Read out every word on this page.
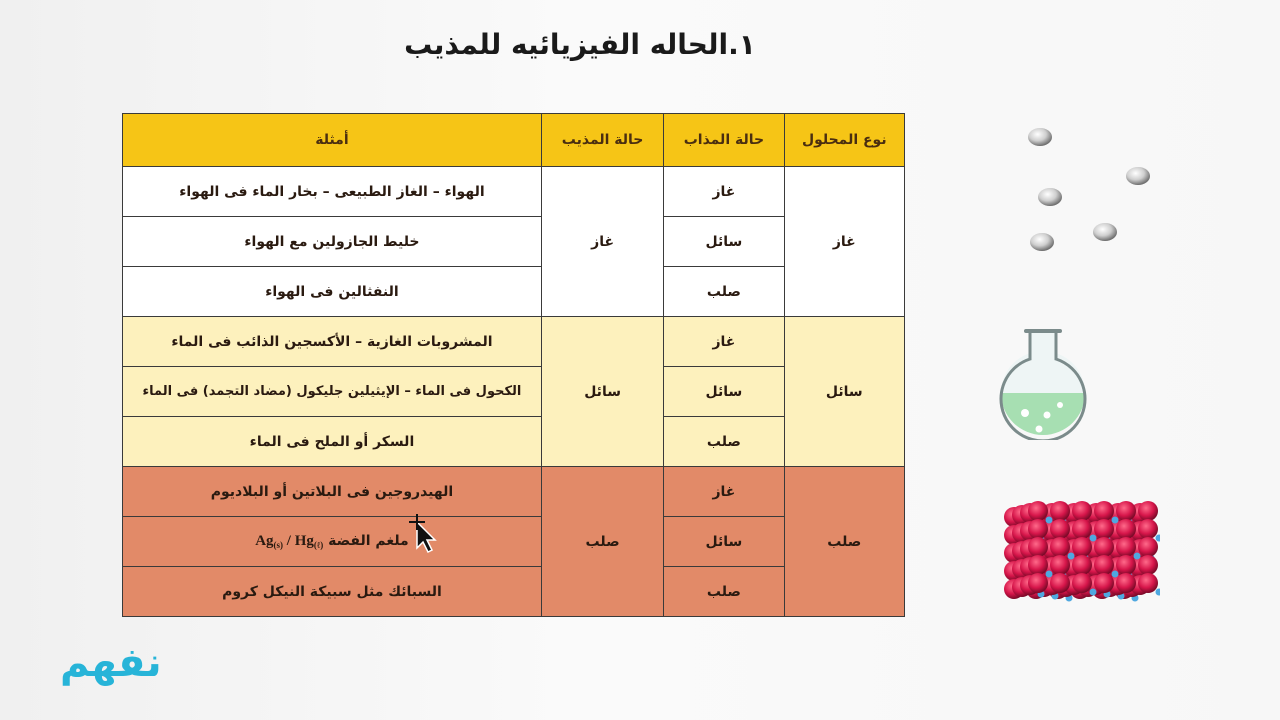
١.الحاله الفيزيائيه للمذيب
نوع المحلول	حالة المذاب	حالة المذيب	أمثلة
غاز	غاز	غاز	الهواء – الغاز الطبيعى – بخار الماء فى الهواء
	سائل		خليط الجازولين مع الهواء
	صلب		النفثالين فى الهواء
سائل	غاز	سائل	المشروبات الغازية – الأكسجين الذائب فى الماء
	سائل		الكحول فى الماء – الإيثيلين جليكول (مضاد التجمد) فى الماء
	صلب		السكر أو الملح فى الماء
صلب	غاز	صلب	الهيدروجين فى البلاتين أو البلاديوم
	سائل		ملغم الفضة $Ag_{(s)} / Hg_{(\ell)}$
	صلب		السبائك مثل سبيكة النيكل كروم
نفهم
